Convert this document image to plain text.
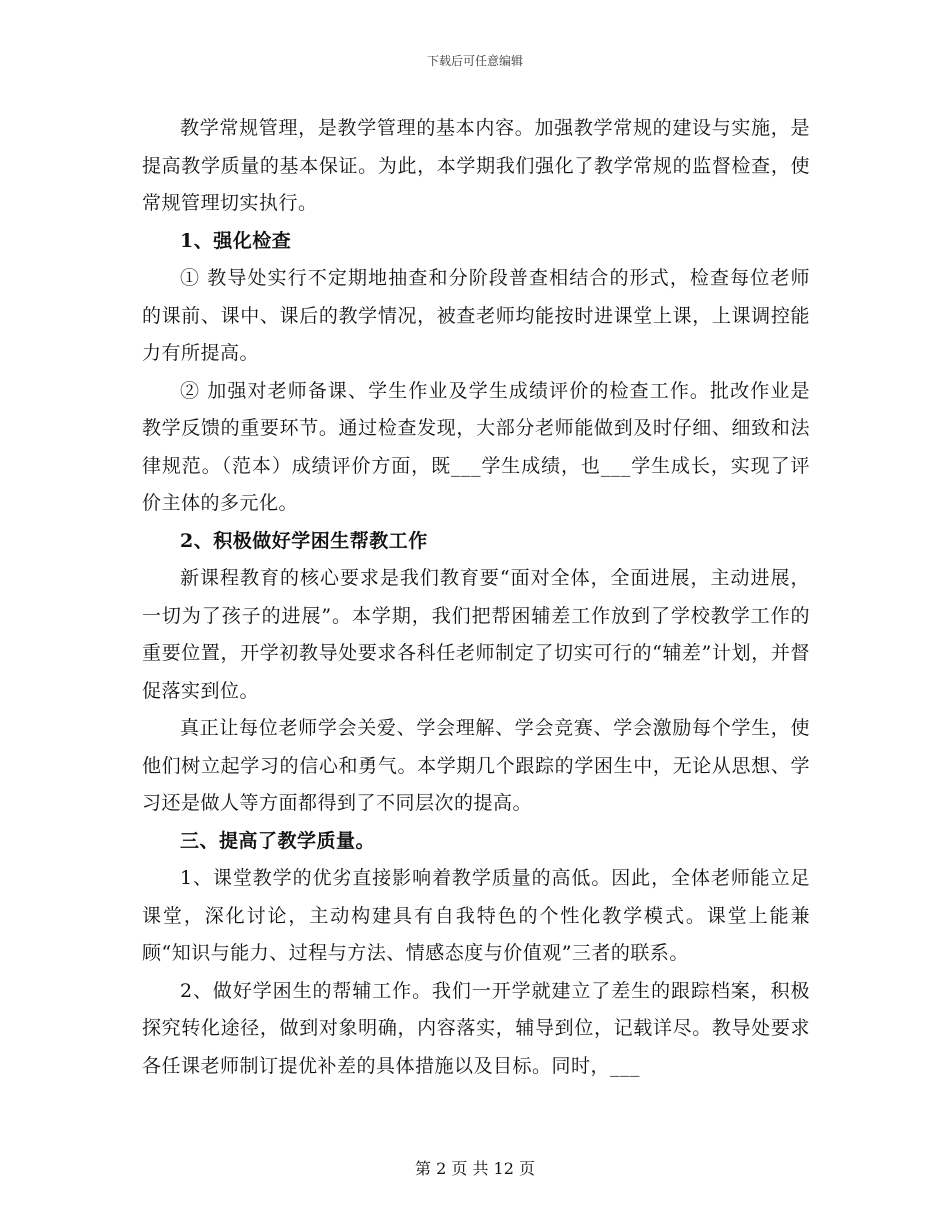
下载后可任意编辑

教学常规管理，是教学管理的基本内容。加强教学常规的建设与实施，是提高教学质量的基本保证。为此，本学期我们强化了教学常规的监督检查，使常规管理切实执行。

1、强化检查

① 教导处实行不定期地抽查和分阶段普查相结合的形式，检查每位老师的课前、课中、课后的教学情况，被查老师均能按时进课堂上课，上课调控能力有所提高。

② 加强对老师备课、学生作业及学生成绩评价的检查工作。批改作业是教学反馈的重要环节。通过检查发现，大部分老师能做到及时仔细、细致和法律规范。（范本）成绩评价方面，既___学生成绩，也___学生成长，实现了评价主体的多元化。

2、积极做好学困生帮教工作

新课程教育的核心要求是我们教育要“面对全体，全面进展，主动进展，一切为了孩子的进展”。本学期，我们把帮困辅差工作放到了学校教学工作的重要位置，开学初教导处要求各科任老师制定了切实可行的“辅差”计划，并督促落实到位。

真正让每位老师学会关爱、学会理解、学会竞赛、学会激励每个学生，使他们树立起学习的信心和勇气。本学期几个跟踪的学困生中，无论从思想、学习还是做人等方面都得到了不同层次的提高。

三、提高了教学质量。

1、课堂教学的优劣直接影响着教学质量的高低。因此，全体老师能立足课堂，深化讨论，主动构建具有自我特色的个性化教学模式。课堂上能兼顾“知识与能力、过程与方法、情感态度与价值观”三者的联系。

2、做好学困生的帮辅工作。我们一开学就建立了差生的跟踪档案，积极探究转化途径，做到对象明确，内容落实，辅导到位，记载详尽。教导处要求各任课老师制订提优补差的具体措施以及目标。同时，___

第 2 页 共 12 页
